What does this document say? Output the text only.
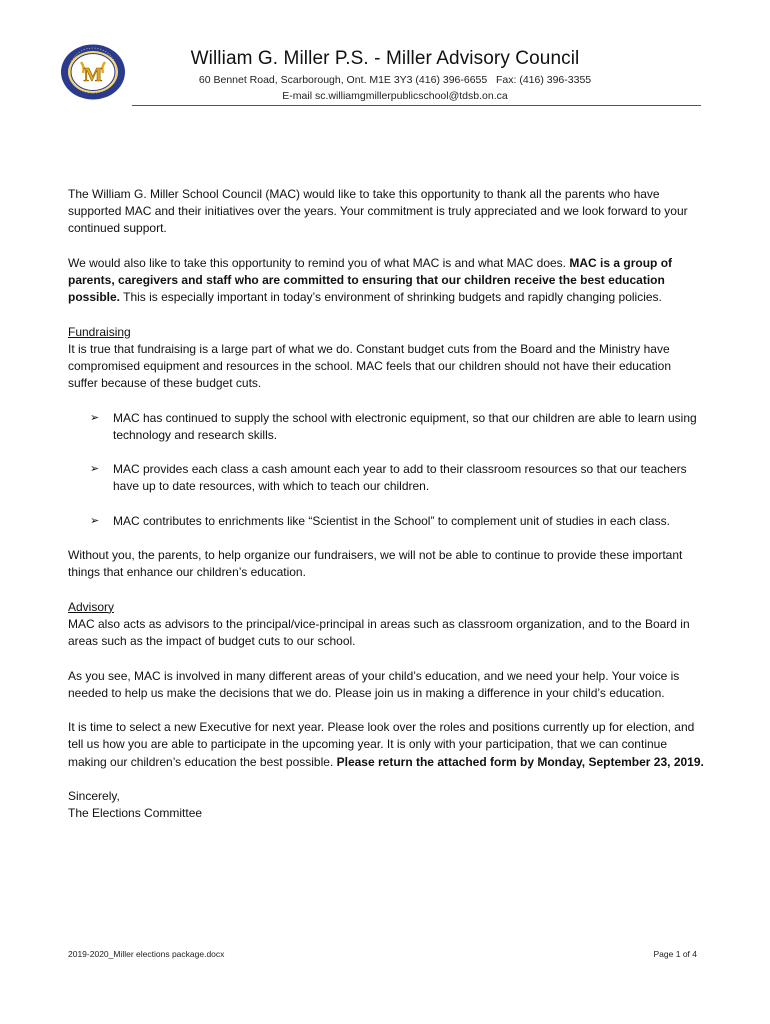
M
William G. Miller P.S. - Miller Advisory Council
60 Bennet Road, Scarborough, Ont. M1E 3Y3 (416) 396-6655   Fax: (416) 396-3355
E-mail sc.williamgmillerpublicschool@tdsb.on.ca

The William G. Miller School Council (MAC) would like to take this opportunity to thank all the parents who have supported MAC and their initiatives over the years. Your commitment is truly appreciated and we look forward to your continued support.

We would also like to take this opportunity to remind you of what MAC is and what MAC does. MAC is a group of parents, caregivers and staff who are committed to ensuring that our children receive the best education possible. This is especially important in today’s environment of shrinking budgets and rapidly changing policies.

Fundraising

It is true that fundraising is a large part of what we do. Constant budget cuts from the Board and the Ministry have compromised equipment and resources in the school. MAC feels that our children should not have their education suffer because of these budget cuts.

➢ MAC has continued to supply the school with electronic equipment, so that our children are able to learn using technology and research skills.
➢ MAC provides each class a cash amount each year to add to their classroom resources so that our teachers have up to date resources, with which to teach our children.
➢ MAC contributes to enrichments like “Scientist in the School” to complement unit of studies in each class.

Without you, the parents, to help organize our fundraisers, we will not be able to continue to provide these important things that enhance our children’s education.

Advisory

MAC also acts as advisors to the principal/vice-principal in areas such as classroom organization, and to the Board in areas such as the impact of budget cuts to our school.

As you see, MAC is involved in many different areas of your child’s education, and we need your help. Your voice is needed to help us make the decisions that we do. Please join us in making a difference in your child’s education.

It is time to select a new Executive for next year. Please look over the roles and positions currently up for election, and tell us how you are able to participate in the upcoming year. It is only with your participation, that we can continue making our children’s education the best possible. Please return the attached form by Monday, September 23, 2019.

Sincerely,

The Elections Committee

2019-2020_Miller elections package.docx	Page 1 of 4
